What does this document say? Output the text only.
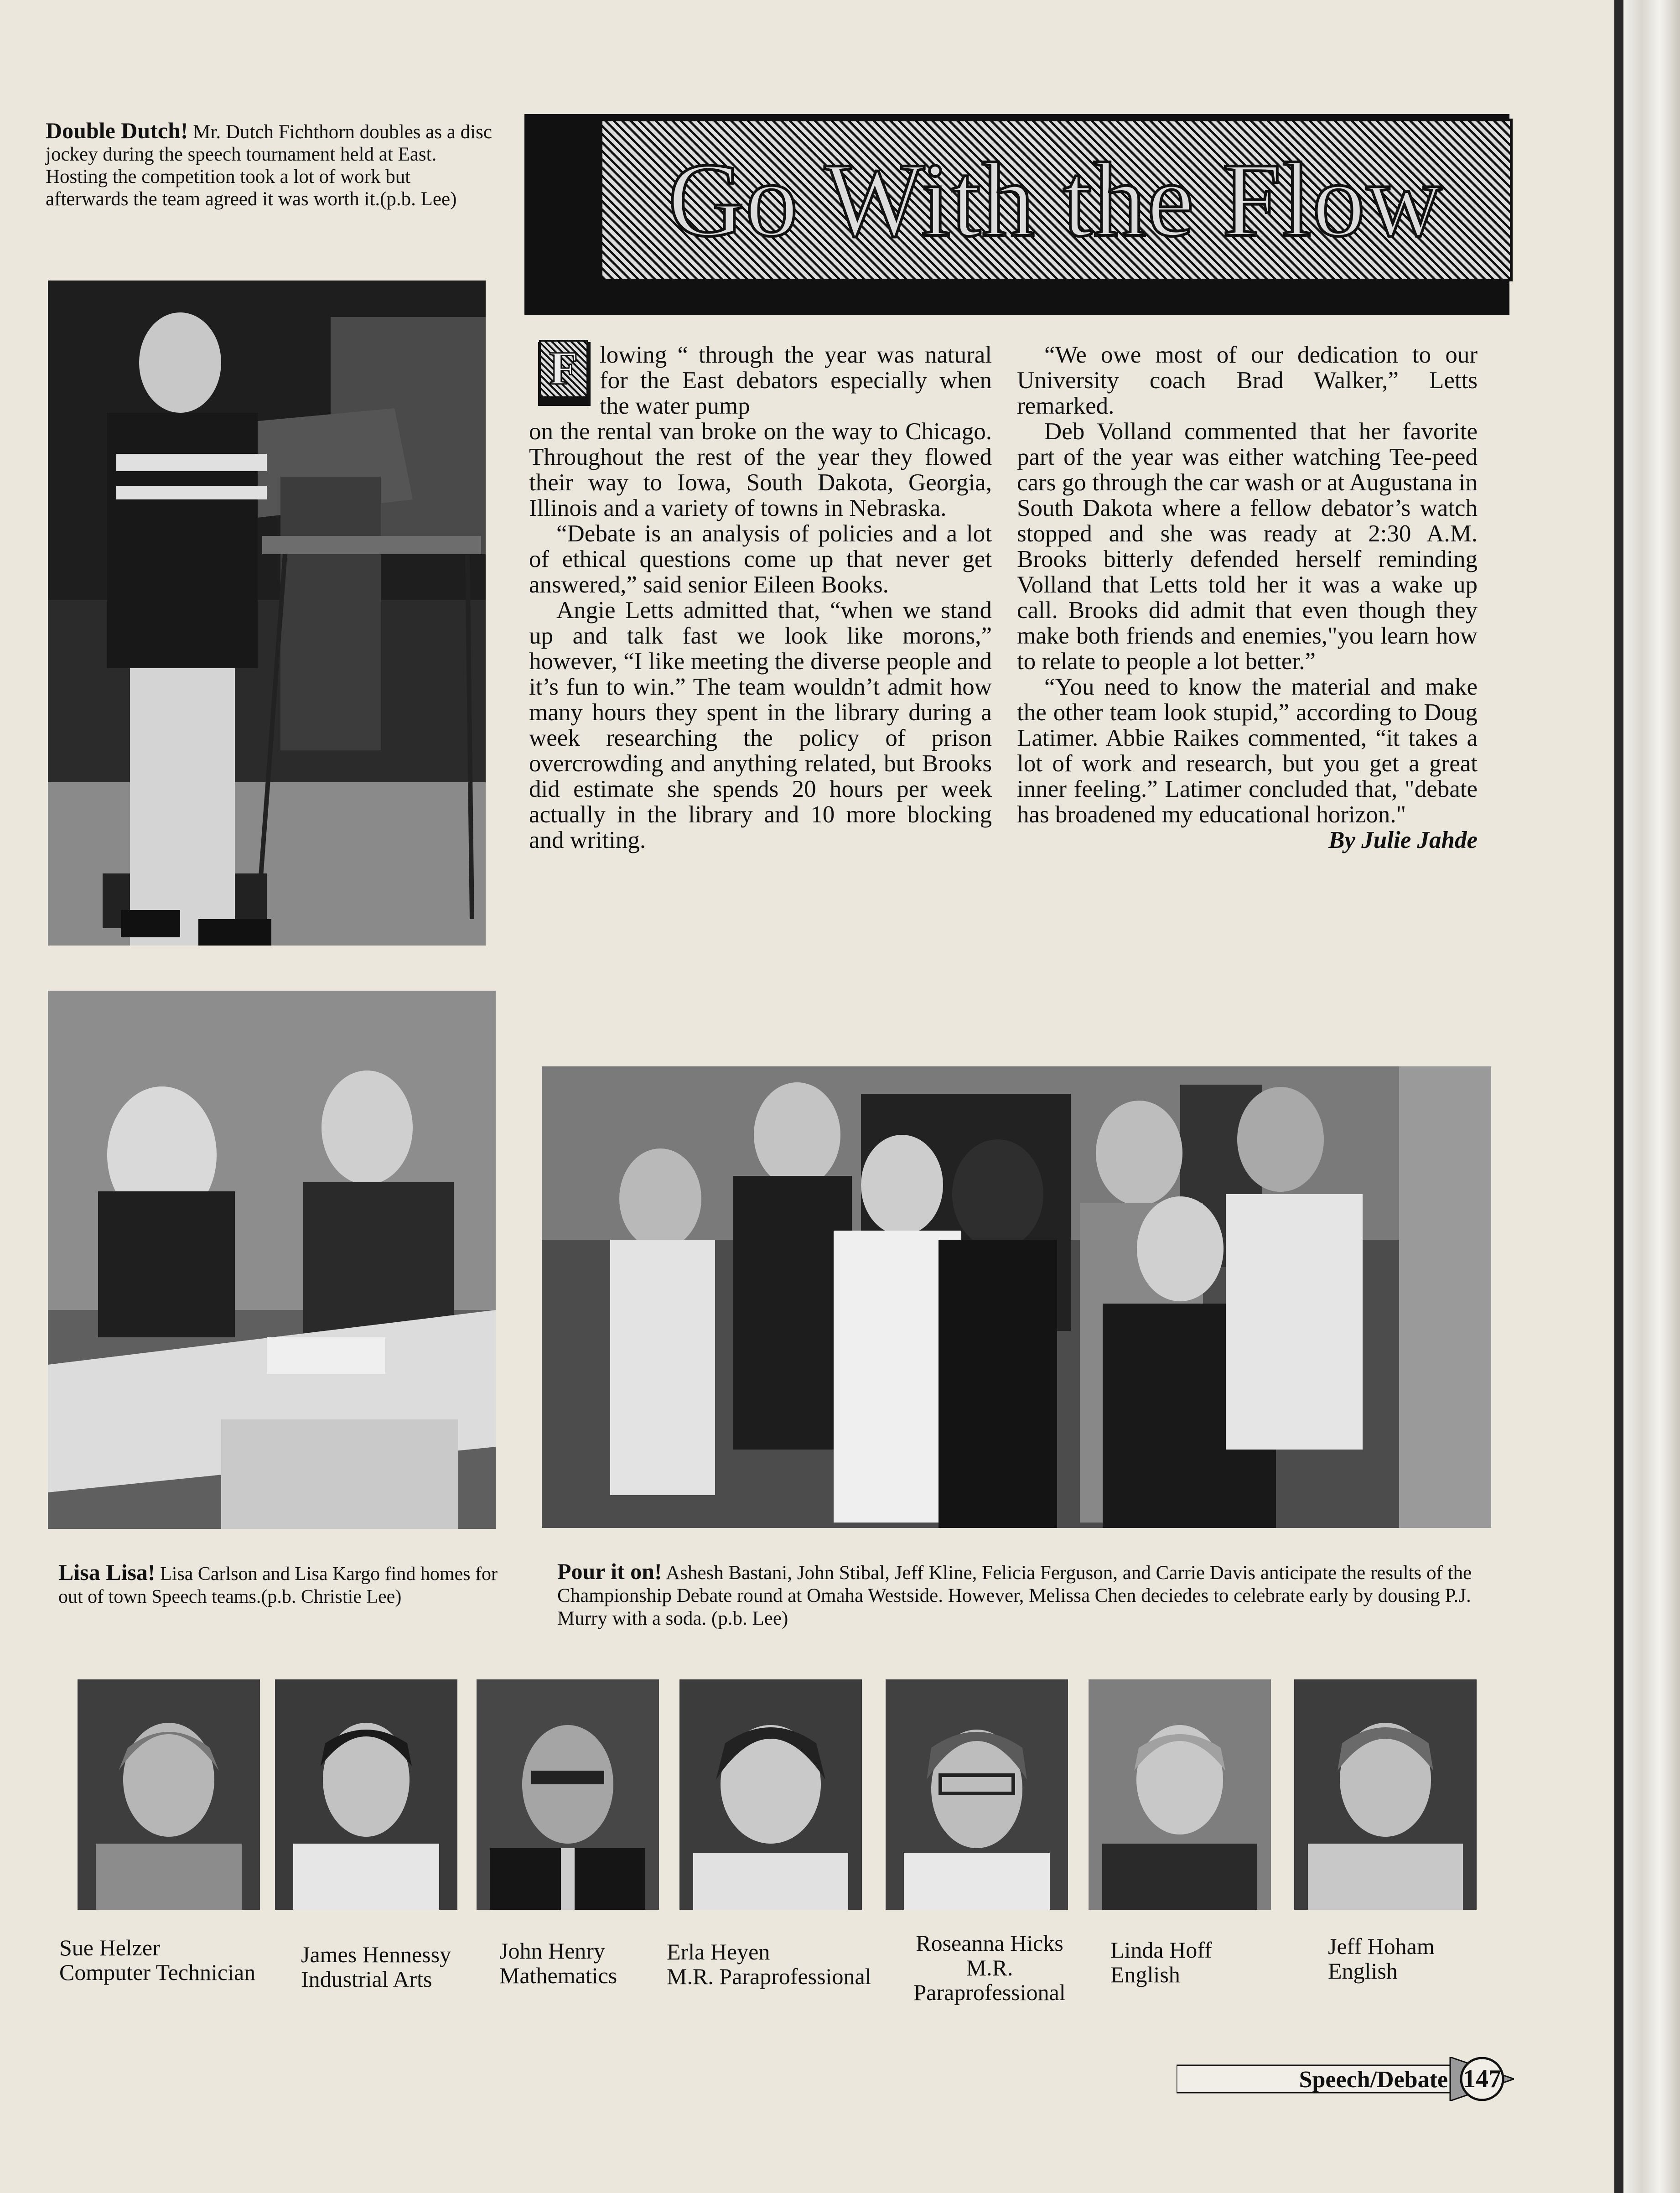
Double Dutch! Mr. Dutch Fichthorn doubles as a disc jockey during the speech tournament held at East. Hosting the competition took a lot of work but afterwards the team agreed it was worth it.(p.b. Lee)
Lisa Lisa! Lisa Carlson and Lisa Kargo find homes for out of town Speech teams.(p.b. Christie Lee)
Go With the Flow
F lowing “ through the year was natural for the East debators especially when the water pump

on the rental van broke on the way to Chicago. Throughout the rest of the year they flowed their way to Iowa, South Dakota, Georgia, Illinois and a variety of towns in Nebraska.

“Debate is an analysis of policies and a lot of ethical questions come up that never get answered,” said senior Eileen Books.

Angie Letts admitted that, “when we stand up and talk fast we look like morons,” however, “I like meeting the diverse people and it’s fun to win.” The team wouldn’t admit how many hours they spent in the library during a week researching the policy of prison overcrowding and anything related, but Brooks did estimate she spends 20 hours per week actually in the library and 10 more blocking and writing.

“We owe most of our dedication to our University coach Brad Walker,” Letts remarked.

Deb Volland commented that her favorite part of the year was either watching Tee-peed cars go through the car wash or at Augustana in South Dakota where a fellow debator’s watch stopped and she was ready at 2:30 A.M. Brooks bitterly defended herself reminding Volland that Letts told her it was a wake up call. Brooks did admit that even though they make both friends and enemies,"you learn how to relate to people a lot better.”

“You need to know the material and make the other team look stupid,” according to Doug Latimer. Abbie Raikes commented, “it takes a lot of work and research, but you get a great inner feeling.” Latimer concluded that, "debate has broadened my educational horizon."

By Julie Jahde

Pour it on! Ashesh Bastani, John Stibal, Jeff Kline, Felicia Ferguson, and Carrie Davis anticipate the results of the Championship Debate round at Omaha Westside. However, Melissa Chen deciedes to celebrate early by dousing P.J. Murry with a soda. (p.b. Lee)
Sue Helzer
Computer Technician
James Hennessy
Industrial Arts
John Henry
Mathematics
Erla Heyen
M.R. Paraprofessional
Roseanna Hicks
M.R.
Paraprofessional
Linda Hoff
English
Jeff Hoham
English
Speech/Debate 147
